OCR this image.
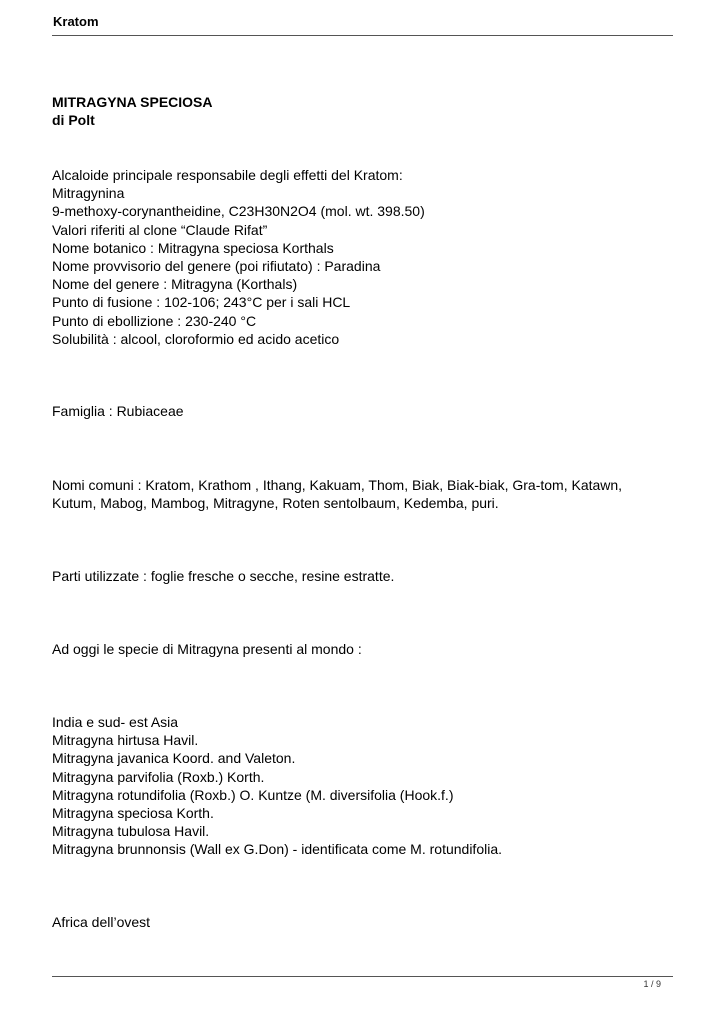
Kratom
MITRAGYNA SPECIOSA
di Polt
Alcaloide principale responsabile degli effetti del Kratom:
Mitragynina
9-methoxy-corynantheidine, C23H30N2O4 (mol. wt. 398.50)
Valori riferiti al clone “Claude Rifat”
Nome botanico : Mitragyna speciosa Korthals
Nome provvisorio del genere (poi rifiutato) : Paradina
Nome del genere : Mitragyna (Korthals)
Punto di fusione : 102-106; 243°C per i sali HCL
Punto di ebollizione : 230-240 °C
Solubilità : alcool, cloroformio ed acido acetico
Famiglia : Rubiaceae
Nomi comuni : Kratom, Krathom , Ithang, Kakuam, Thom, Biak, Biak-biak, Gra-tom, Katawn,
Kutum, Mabog, Mambog, Mitragyne, Roten sentolbaum, Kedemba, puri.
Parti utilizzate : foglie fresche o secche, resine estratte.
Ad oggi le specie di Mitragyna presenti al mondo :
India e sud- est Asia
Mitragyna hirtusa Havil.
Mitragyna javanica Koord. and Valeton.
Mitragyna parvifolia (Roxb.) Korth.
Mitragyna rotundifolia (Roxb.) O. Kuntze (M. diversifolia (Hook.f.)
Mitragyna speciosa Korth.
Mitragyna tubulosa Havil.
Mitragyna brunnonsis (Wall ex G.Don) - identificata come M. rotundifolia.
Africa dell’ovest
1 / 9
